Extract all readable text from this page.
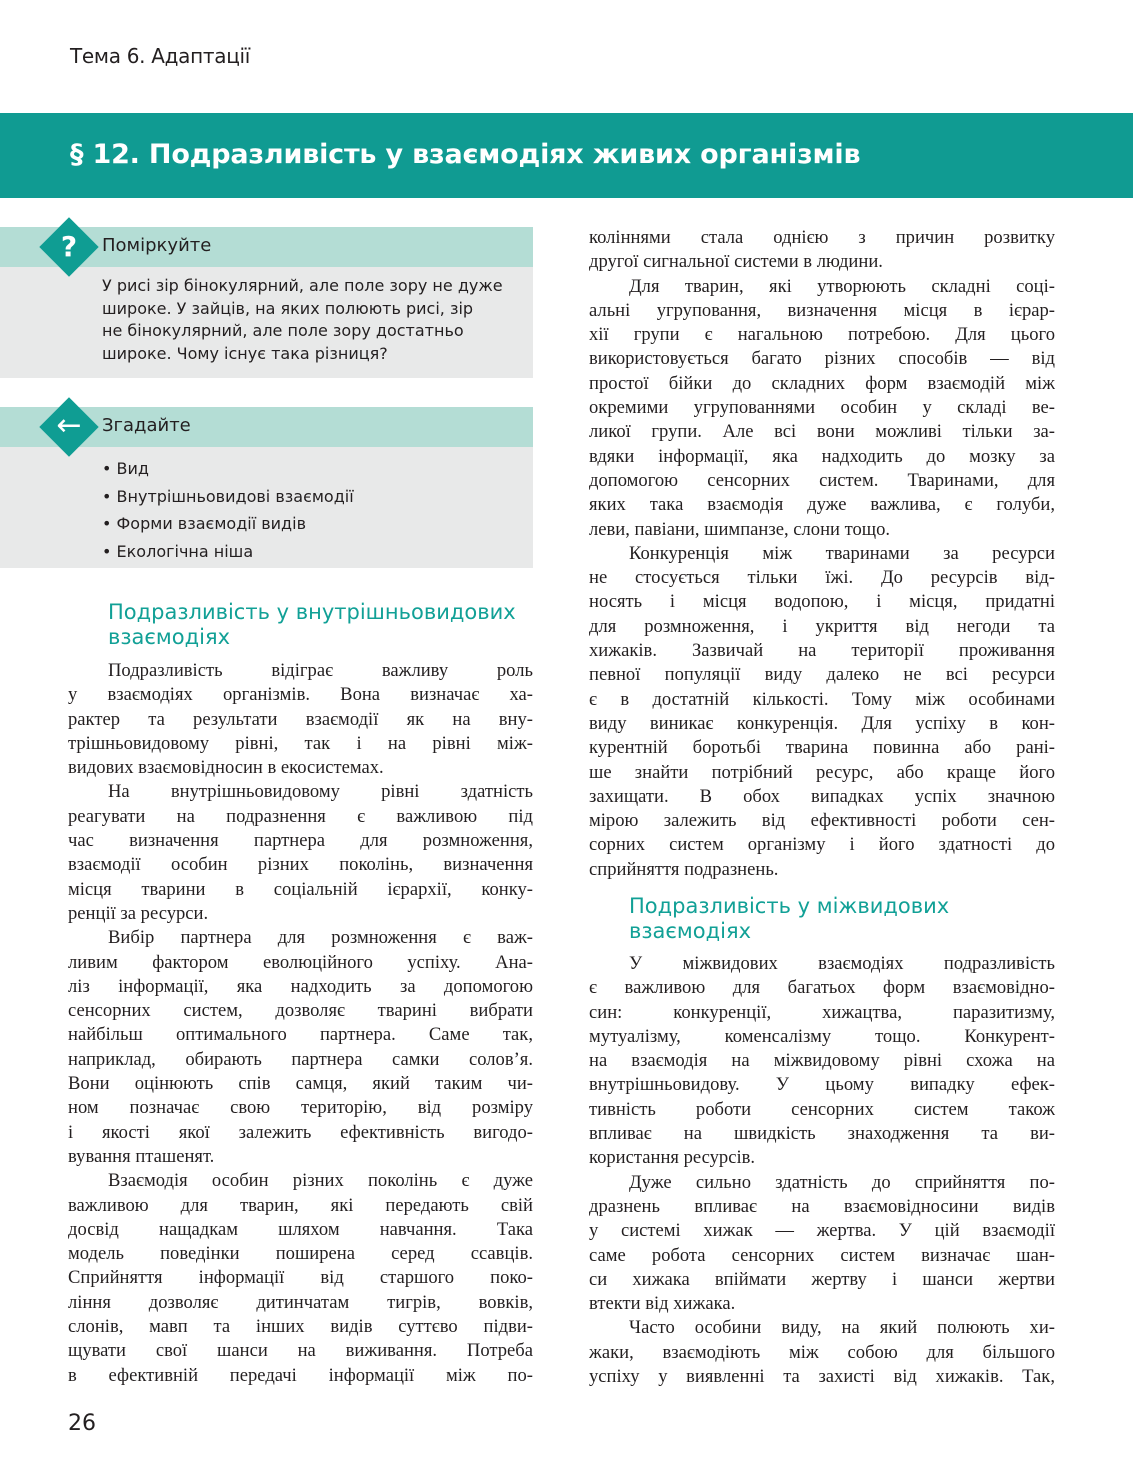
Тема 6. Адаптації
§ 12. Подразливість у взаємодіях живих організмів
?	Поміркуйте
У рисі зір бінокулярний, але поле зору не дуже
широке. У зайців, на яких полюють рисі, зір
не бінокулярний, але поле зору достатньо
широке. Чому існує така різниця?
←	Згадайте
• Вид
• Внутрішньовидові взаємодії
• Форми взаємодії видів
• Екологічна ніша
Подразливість у внутрішньовидових
взаємодіях
Подразливість відіграє важливу роль
у взаємодіях організмів. Вона визначає ха-
рактер та результати взаємодії як на вну-
трішньовидовому рівні, так і на рівні між-
видових взаємовідносин в екосистемах.
На внутрішньовидовому рівні здатність
реагувати на подразнення є важливою під
час визначення партнера для розмноження,
взаємодії особин різних поколінь, визначення
місця тварини в соціальній ієрархії, конку-
ренції за ресурси.
Вибір партнера для розмноження є важ-
ливим фактором еволюційного успіху. Ана-
ліз інформації, яка надходить за допомогою
сенсорних систем, дозволяє тварині вибрати
найбільш оптимального партнера. Саме так,
наприклад, обирають партнера самки солов’я.
Вони оцінюють спів самця, який таким чи-
ном позначає свою територію, від розміру
і якості якої залежить ефективність вигодо-
вування пташенят.
Взаємодія особин різних поколінь є дуже
важливою для тварин, які передають свій
досвід нащадкам шляхом навчання. Така
модель поведінки поширена серед ссавців.
Сприйняття інформації від старшого поко-
ління дозволяє дитинчатам тигрів, вовків,
слонів, мавп та інших видів суттєво підви-
щувати свої шанси на виживання. Потреба
в ефективній передачі інформації між по-
коліннями стала однією з причин розвитку
другої сигнальної системи в людини.
Для тварин, які утворюють складні соці-
альні угруповання, визначення місця в ієрар-
хії групи є нагальною потребою. Для цього
використовується багато різних способів — від
простої бійки до складних форм взаємодій між
окремими угрупованнями особин у складі ве-
ликої групи. Але всі вони можливі тільки за-
вдяки інформації, яка надходить до мозку за
допомогою сенсорних систем. Тваринами, для
яких така взаємодія дуже важлива, є голуби,
леви, павіани, шимпанзе, слони тощо.
Конкуренція між тваринами за ресурси
не стосується тільки їжі. До ресурсів від-
носять і місця водопою, і місця, придатні
для розмноження, і укриття від негоди та
хижаків. Зазвичай на території проживання
певної популяції виду далеко не всі ресурси
є в достатній кількості. Тому між особинами
виду виникає конкуренція. Для успіху в кон-
курентній боротьбі тварина повинна або рані-
ше знайти потрібний ресурс, або краще його
захищати. В обох випадках успіх значною
мірою залежить від ефективності роботи сен-
сорних систем організму і його здатності до
сприйняття подразнень.
Подразливість у міжвидових
взаємодіях
У міжвидових взаємодіях подразливість
є важливою для багатьох форм взаємовідно-
син: конкуренції, хижацтва, паразитизму,
мутуалізму, коменсалізму тощо. Конкурент-
на взаємодія на міжвидовому рівні схожа на
внутрішньовидову. У цьому випадку ефек-
тивність роботи сенсорних систем також
впливає на швидкість знаходження та ви-
користання ресурсів.
Дуже сильно здатність до сприйняття по-
дразнень впливає на взаємовідносини видів
у системі хижак — жертва. У цій взаємодії
саме робота сенсорних систем визначає шан-
си хижака впіймати жертву і шанси жертви
втекти від хижака.
Часто особини виду, на який полюють хи-
жаки, взаємодіють між собою для більшого
успіху у виявленні та захисті від хижаків. Так,
26
